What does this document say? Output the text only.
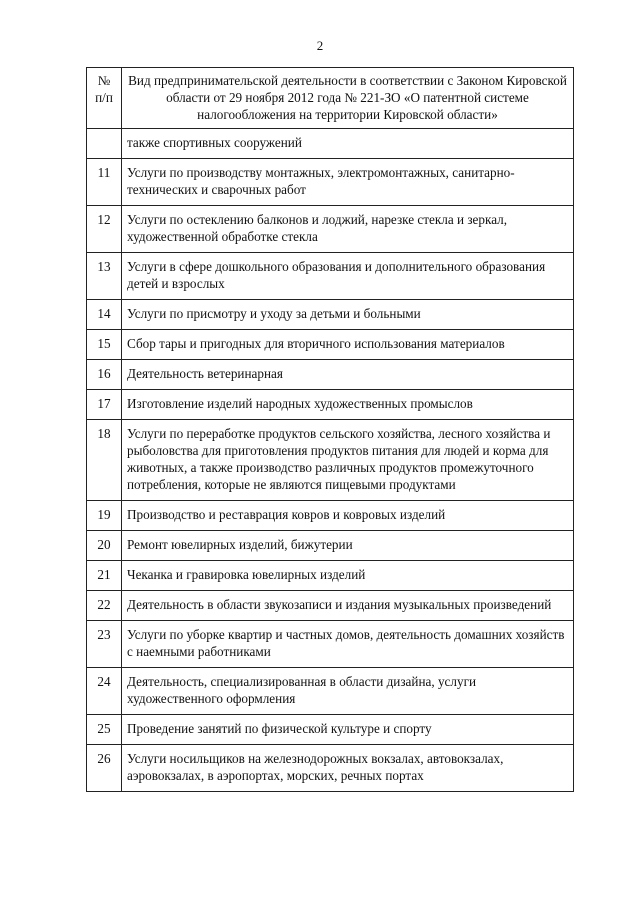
2
№
п/п	Вид предпринимательской деятельности в соответствии с Законом Кировской области от 29 ноября 2012 года № 221-ЗО «О патентной системе налогообложения на территории Кировской области»
	также спортивных сооружений
11	Услуги по производству монтажных, электромонтажных, санитарно-технических и сварочных работ
12	Услуги по остеклению балконов и лоджий, нарезке стекла и зеркал, художественной обработке стекла
13	Услуги в сфере дошкольного образования и дополнительного образования детей и взрослых
14	Услуги по присмотру и уходу за детьми и больными
15	Сбор тары и пригодных для вторичного использования материалов
16	Деятельность ветеринарная
17	Изготовление изделий народных художественных промыслов
18	Услуги по переработке продуктов сельского хозяйства, лесного хозяйства и рыболовства для приготовления продуктов питания для людей и корма для животных, а также производство различных продуктов промежуточного потребления, которые не являются пищевыми продуктами
19	Производство и реставрация ковров и ковровых изделий
20	Ремонт ювелирных изделий, бижутерии
21	Чеканка и гравировка ювелирных изделий
22	Деятельность в области звукозаписи и издания музыкальных произведений
23	Услуги по уборке квартир и частных домов, деятельность домашних хозяйств с наемными работниками
24	Деятельность, специализированная в области дизайна, услуги художественного оформления
25	Проведение занятий по физической культуре и спорту
26	Услуги носильщиков на железнодорожных вокзалах, автовокзалах, аэровокзалах, в аэропортах, морских, речных портах
